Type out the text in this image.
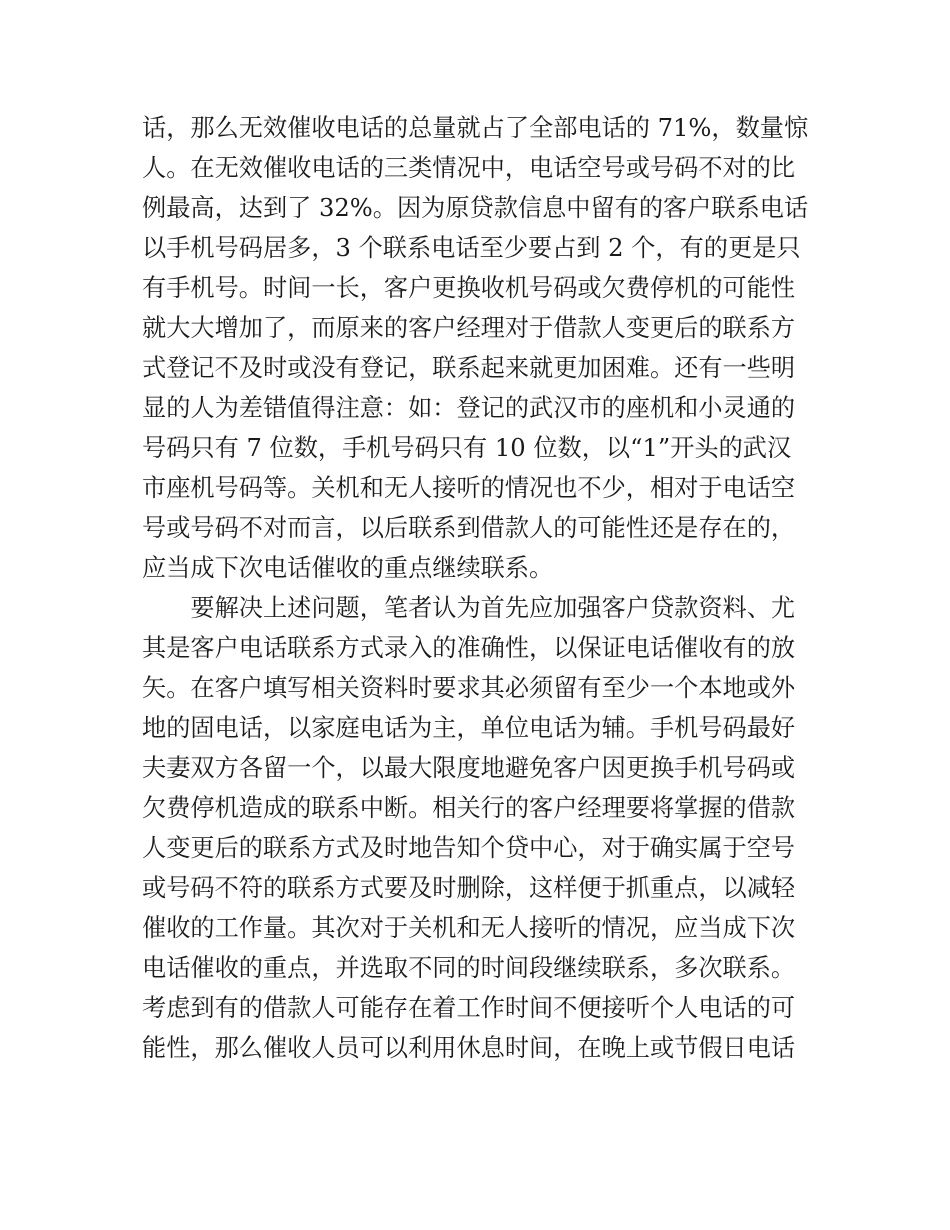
话，那么无效催收电话的总量就占了全部电话的 71%，数量惊
人。在无效催收电话的三类情况中，电话空号或号码不对的比
例最高，达到了 32%。因为原贷款信息中留有的客户联系电话
以手机号码居多，3 个联系电话至少要占到 2 个，有的更是只
有手机号。时间一长，客户更换收机号码或欠费停机的可能性
就大大增加了，而原来的客户经理对于借款人变更后的联系方
式登记不及时或没有登记，联系起来就更加困难。还有一些明
显的人为差错值得注意：如：登记的武汉市的座机和小灵通的
号码只有 7 位数，手机号码只有 10 位数，以“1”开头的武汉
市座机号码等。关机和无人接听的情况也不少，相对于电话空
号或号码不对而言，以后联系到借款人的可能性还是存在的，
应当成下次电话催收的重点继续联系。
　　要解决上述问题，笔者认为首先应加强客户贷款资料、尤
其是客户电话联系方式录入的准确性，以保证电话催收有的放
矢。在客户填写相关资料时要求其必须留有至少一个本地或外
地的固电话，以家庭电话为主，单位电话为辅。手机号码最好
夫妻双方各留一个，以最大限度地避免客户因更换手机号码或
欠费停机造成的联系中断。相关行的客户经理要将掌握的借款
人变更后的联系方式及时地告知个贷中心，对于确实属于空号
或号码不符的联系方式要及时删除，这样便于抓重点，以减轻
催收的工作量。其次对于关机和无人接听的情况，应当成下次
电话催收的重点，并选取不同的时间段继续联系，多次联系。
考虑到有的借款人可能存在着工作时间不便接听个人电话的可
能性，那么催收人员可以利用休息时间，在晚上或节假日电话
